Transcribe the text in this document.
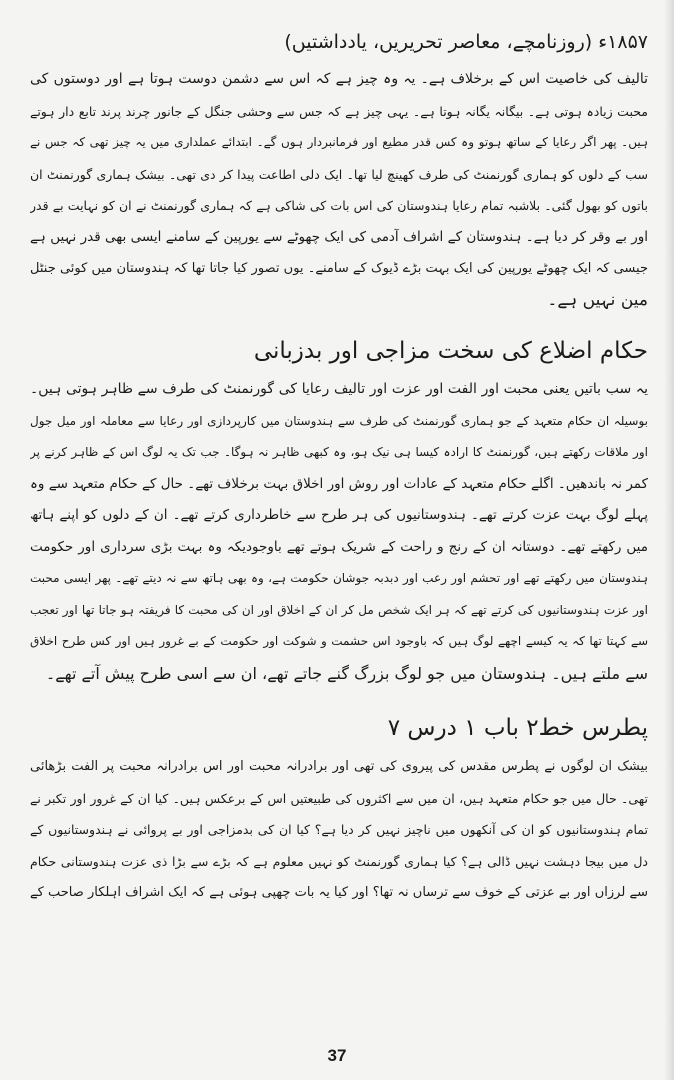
۱۸۵۷ء (روزنامچے، معاصر تحریریں، یادداشتیں)

تالیف کی خاصیت اس کے برخلاف ہے۔ یہ وہ چیز ہے کہ اس سے دشمن دوست ہوتا ہے اور دوستوں کی
محبت زیادہ ہوتی ہے۔ بیگانہ یگانہ ہوتا ہے۔ یہی چیز ہے کہ جس سے وحشی جنگل کے جانور چرند پرند تابع دار ہوتے
ہیں۔ پھر اگر رعایا کے ساتھ ہوتو وہ کس قدر مطیع اور فرمانبردار ہوں گے۔ ابتدائے عملداری میں یہ چیز تھی کہ جس نے
سب کے دلوں کو ہماری گورنمنٹ کی طرف کھینچ لیا تھا۔ ایک دلی اطاعت پیدا کر دی تھی۔ بیشک ہماری گورنمنٹ ان
باتوں کو بھول گئی۔ بلاشبہ تمام رعایا ہندوستان کی اس بات کی شاکی ہے کہ ہماری گورنمنٹ نے ان کو نہایت بے قدر
اور بے وقر کر دیا ہے۔ ہندوستان کے اشراف آدمی کی ایک چھوٹے سے یورپین کے سامنے ایسی بھی قدر نہیں ہے
جیسی کہ ایک چھوٹے یورپین کی ایک بہت بڑے ڈیوک کے سامنے۔ یوں تصور کیا جاتا تھا کہ ہندوستان میں کوئی جنٹل
مین نہیں ہے۔

حکام اضلاع کی سخت مزاجی اور بدزبانی

یہ سب باتیں یعنی محبت اور الفت اور عزت اور تالیف رعایا کی گورنمنٹ کی طرف سے ظاہر ہوتی ہیں۔
بوسیلہ ان حکام متعہد کے جو ہماری گورنمنٹ کی طرف سے ہندوستان میں کارپردازی اور رعایا سے معاملہ اور میل جول
اور ملاقات رکھتے ہیں، گورنمنٹ کا ارادہ کیسا ہی نیک ہو، وہ کبھی ظاہر نہ ہوگا۔ جب تک یہ لوگ اس کے ظاہر کرنے پر
کمر نہ باندھیں۔ اگلے حکام متعہد کے عادات اور روش اور اخلاق بہت برخلاف تھے۔ حال کے حکام متعہد سے وہ
پہلے لوگ بہت عزت کرتے تھے۔ ہندوستانیوں کی ہر طرح سے خاطرداری کرتے تھے۔ ان کے دلوں کو اپنے ہاتھ
میں رکھتے تھے۔ دوستانہ ان کے رنج و راحت کے شریک ہوتے تھے باوجودیکہ وہ بہت بڑی سرداری اور حکومت
ہندوستان میں رکھتے تھے اور تحشم اور رعب اور دبدبہ جوشان حکومت ہے، وہ بھی ہاتھ سے نہ دیتے تھے۔ پھر ایسی محبت
اور عزت ہندوستانیوں کی کرتے تھے کہ ہر ایک شخص مل کر ان کے اخلاق اور ان کی محبت کا فریفتہ ہو جاتا تھا اور تعجب
سے کہتا تھا کہ یہ کیسے اچھے لوگ ہیں کہ باوجود اس حشمت و شوکت اور حکومت کے بے غرور ہیں اور کس طرح اخلاق
سے ملتے ہیں۔ ہندوستان میں جو لوگ بزرگ گنے جاتے تھے، ان سے اسی طرح پیش آتے تھے۔

پطرس خط۲ باب ۱ درس ۷

بیشک ان لوگوں نے پطرس مقدس کی پیروی کی تھی اور برادرانہ محبت اور اس برادرانہ محبت پر الفت بڑھائی
تھی۔ حال میں جو حکام متعہد ہیں، ان میں سے اکثروں کی طبیعتیں اس کے برعکس ہیں۔ کیا ان کے غرور اور تکبر نے
تمام ہندوستانیوں کو ان کی آنکھوں میں ناچیز نہیں کر دیا ہے؟ کیا ان کی بدمزاجی اور بے پروائی نے ہندوستانیوں کے
دل میں بیجا دہشت نہیں ڈالی ہے؟ کیا ہماری گورنمنٹ کو نہیں معلوم ہے کہ بڑے سے بڑا ذی عزت ہندوستانی حکام
سے لرزاں اور بے عزتی کے خوف سے ترساں نہ تھا؟ اور کیا یہ بات چھپی ہوئی ہے کہ ایک اشراف اہلکار صاحب کے

37
